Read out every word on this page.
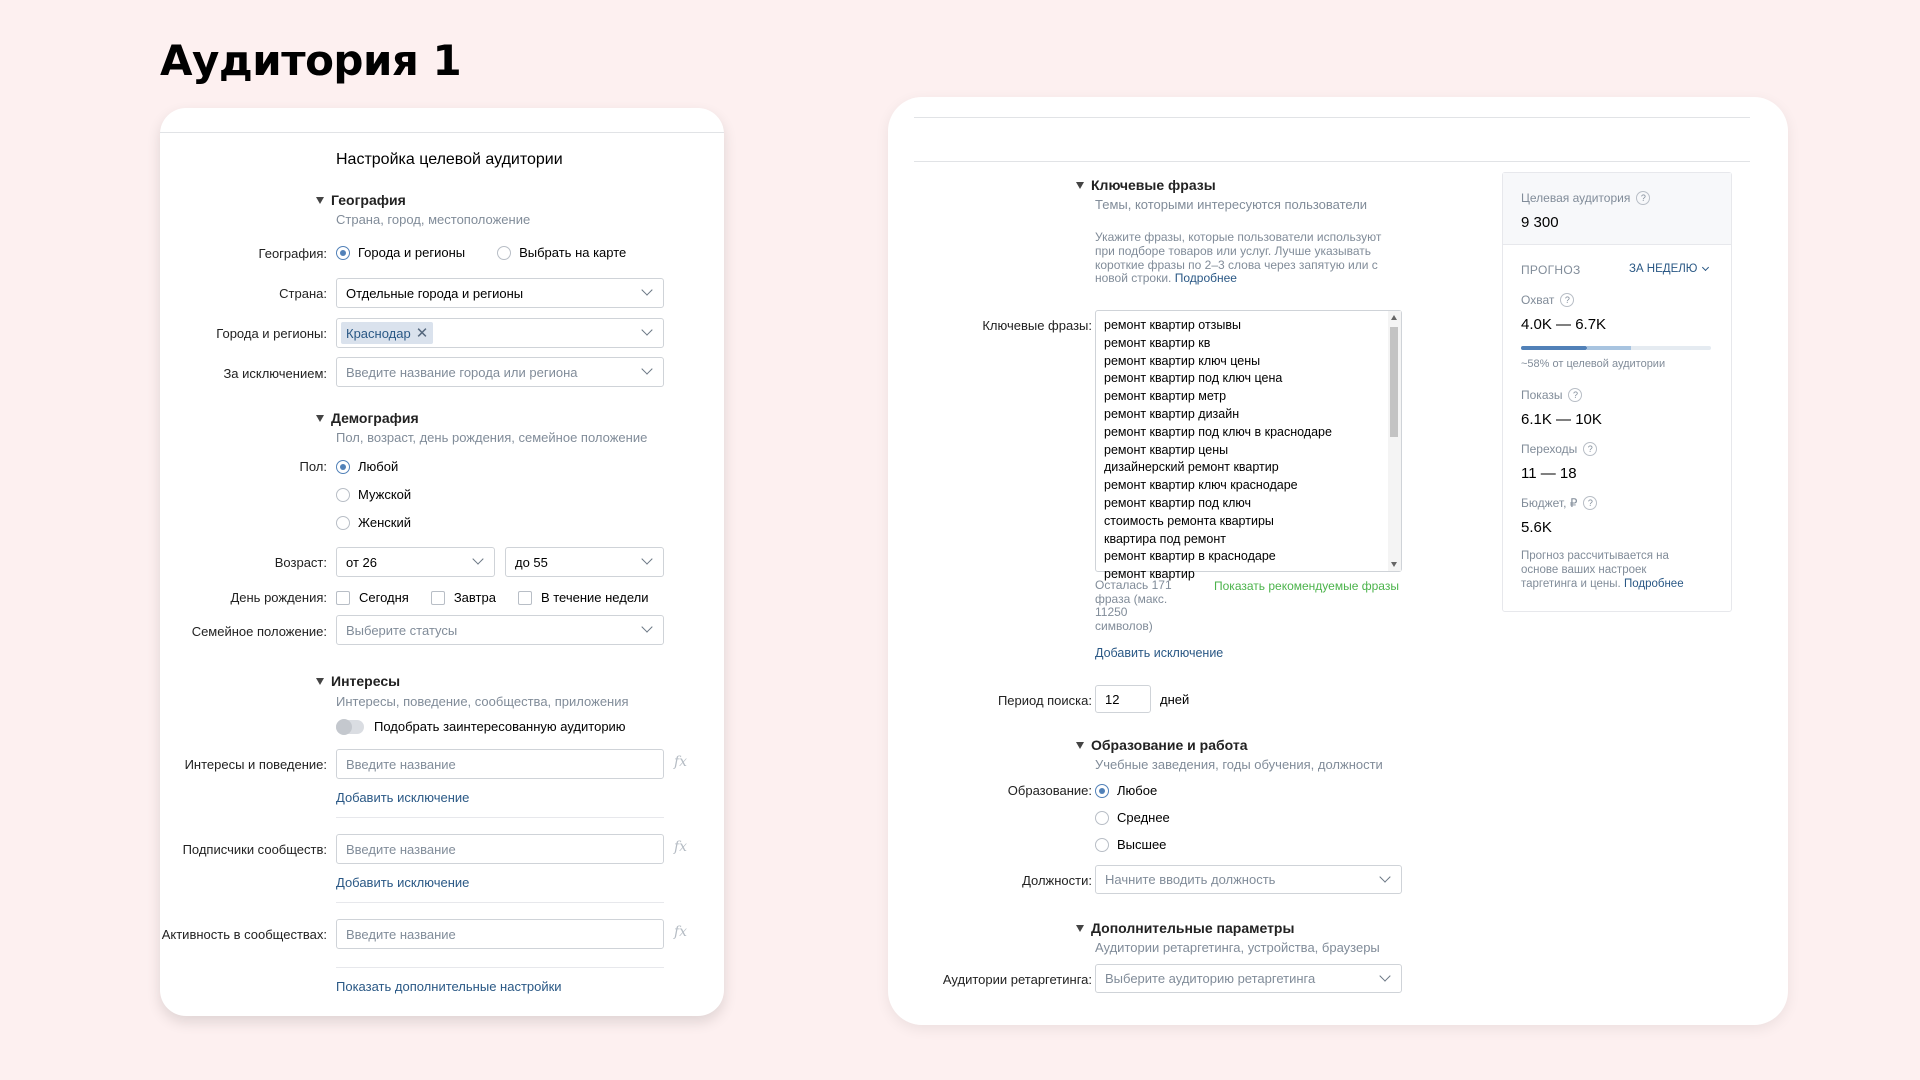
Аудитория 1
Настройка целевой аудитории
География
Страна, город, местоположение
География: Города и регионы	Выбрать на карте
Страна: Отдельные города и регионы
Города и регионы: Краснодар ✕
За исключением: Введите название города или региона
Демография
Пол, возраст, день рождения, семейное положение
Пол: Любой
Мужской
Женский
Возраст: от 26	до 55
День рождения: Сегодня	Завтра	В течение недели
Семейное положение: Выберите статусы
Интересы
Интересы, поведение, сообщества, приложения
Подобрать заинтересованную аудиторию
Интересы и поведение: Введите название	fx
Добавить исключение
Подписчики сообществ: Введите название	fx
Добавить исключение
Активность в сообществах: Введите название	fx
Показать дополнительные настройки
Ключевые фразы
Темы, которыми интересуются пользователи
Укажите фразы, которые пользователи используют при подборе товаров или услуг. Лучше указывать короткие фразы по 2–3 слова через запятую или с новой строки. Подробнее
Ключевые фразы: ремонт квартир отзывы
ремонт квартир кв
ремонт квартир ключ цены
ремонт квартир под ключ цена
ремонт квартир метр
ремонт квартир дизайн
ремонт квартир под ключ в краснодаре
ремонт квартир цены
дизайнерский ремонт квартир
ремонт квартир ключ краснодаре
ремонт квартир под ключ
стоимость ремонта квартиры
квартира под ремонт
ремонт квартир в краснодаре
ремонт квартир
Осталась 171 фраза (макс. 11250 символов)
Показать рекомендуемые фразы
Добавить исключение
Период поиска: 12	дней
Образование и работа
Учебные заведения, годы обучения, должности
Образование: Любое
Среднее
Высшее
Должности: Начните вводить должность
Дополнительные параметры
Аудитории ретаргетинга, устройства, браузеры
Аудитории ретаргетинга: Выберите аудиторию ретаргетинга
Целевая аудитория	?
9 300
ПРОГНОЗ	ЗА НЕДЕЛЮ
Охват	?
4.0K — 6.7K
~58% от целевой аудитории
Показы	?
6.1K — 10K
Переходы	?
11 — 18
Бюджет, ₽	?
5.6K
Прогноз рассчитывается на основе ваших настроек таргетинга и цены. Подробнее
